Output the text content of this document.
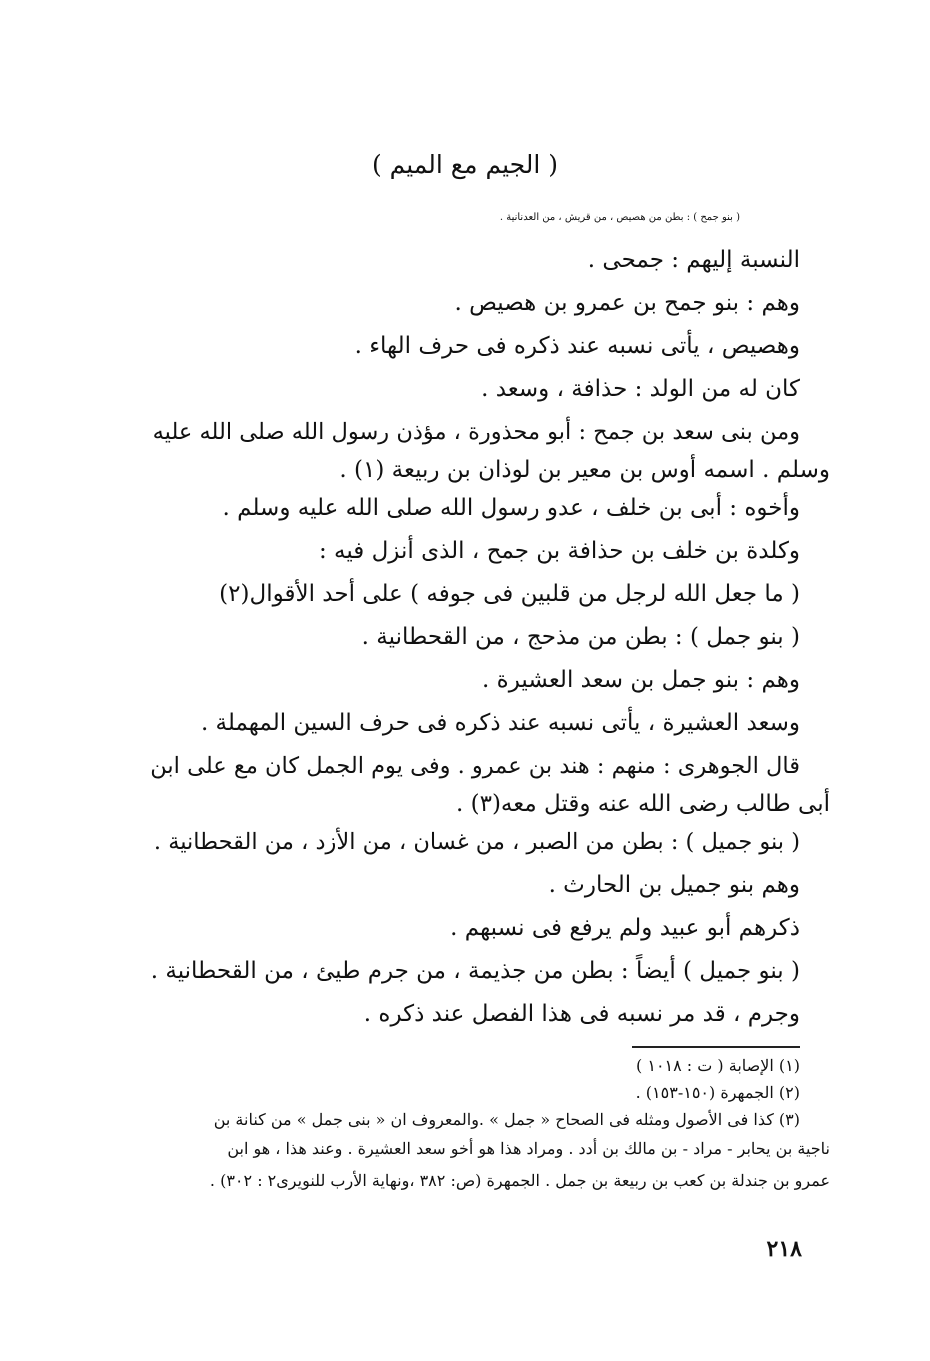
( الجيم مع الميم )
( بنو جمح ) : بطن من هصيص ، من قريش ، من العدنانية .
النسبة إليهم : جمحى .
وهم : بنو جمح بن عمرو بن هصيص .
وهصيص ، يأتى نسبه عند ذكره فى حرف الهاء .
كان له من الولد : حذافة ، وسعد .
ومن بنى سعد بن جمح : أبو محذورة ، مؤذن رسول الله صلى الله عليه
وسلم . اسمه أوس بن معير بن لوذان بن ربيعة (١) .
وأخوه : أبى بن خلف ، عدو رسول الله صلى الله عليه وسلم .
وكلدة بن خلف بن حذافة بن جمح ، الذى أنزل فيه :
( ما جعل الله لرجل من قلبين فى جوفه ) على أحد الأقوال(٢)
( بنو جمل ) : بطن من مذحج ، من القحطانية .
وهم : بنو جمل بن سعد العشيرة .
وسعد العشيرة ، يأتى نسبه عند ذكره فى حرف السين المهملة .
قال الجوهرى : منهم : هند بن عمرو . وفى يوم الجمل كان مع على ابن
أبى طالب رضى الله عنه وقتل معه(٣) .
( بنو جميل ) : بطن من الصبر ، من غسان ، من الأزد ، من القحطانية .
وهم بنو جميل بن الحارث .
ذكرهم أبو عبيد ولم يرفع فى نسبهم .
( بنو جميل ) أيضاً : بطن من جذيمة ، من جرم طيئ ، من القحطانية .
وجرم ، قد مر نسبه فى هذا الفصل عند ذكره .
(١) الإصابة ( ت : ١٠١٨ )
(٢) الجمهرة (١٥٠-١٥٣) .
(٣) كذا فى الأصول ومثله فى الصحاح « جمل » .والمعروف ان « بنى جمل » من كنانة بن
ناجية بن يحابر - مراد - بن مالك بن أدد . ومراد هذا هو أخو سعد العشيرة . وعند هذا ، هو ابن
عمرو بن جندلة بن كعب بن ربيعة بن جمل . الجمهرة (ص: ٣٨٢ ،ونهاية الأرب للنويرى٢ : ٣٠٢) .
٢١٨
